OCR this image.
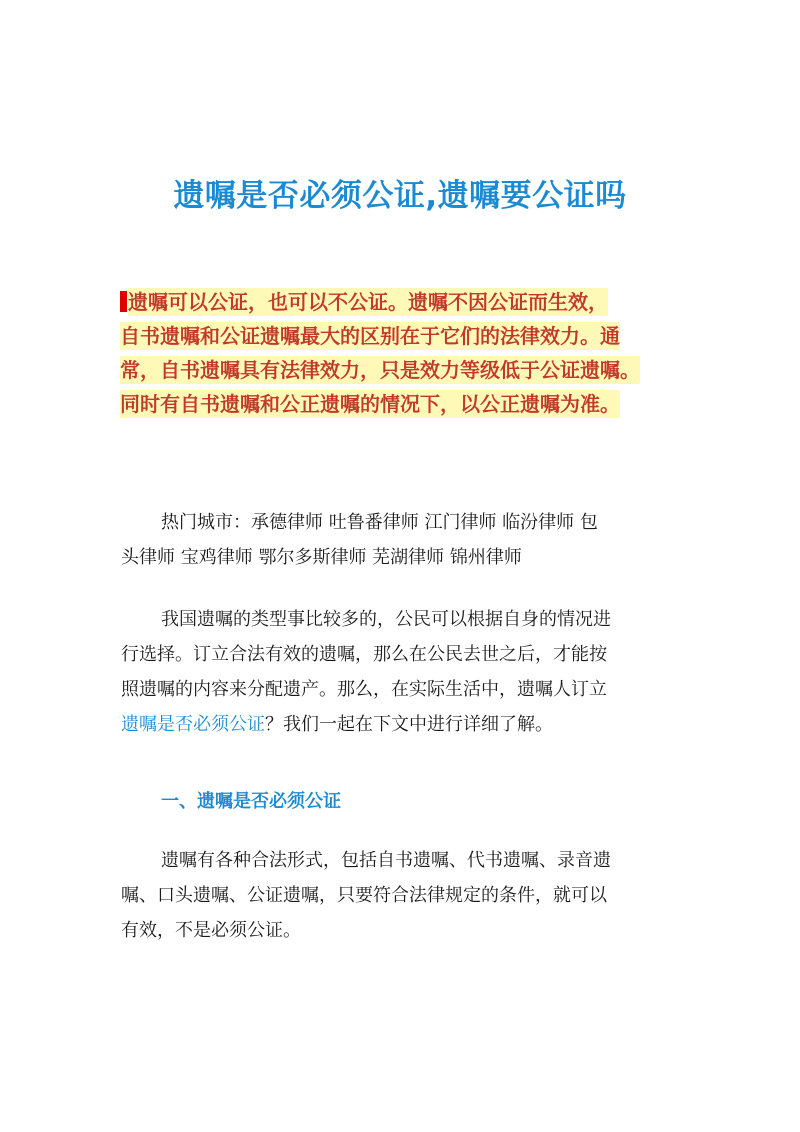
遗嘱是否必须公证,遗嘱要公证吗
遗嘱可以公证，也可以不公证。遗嘱不因公证而生效，
自书遗嘱和公证遗嘱最大的区别在于它们的法律效力。通
常，自书遗嘱具有法律效力，只是效力等级低于公证遗嘱。
同时有自书遗嘱和公正遗嘱的情况下，以公正遗嘱为准。
热门城市：承德律师 吐鲁番律师 江门律师 临汾律师 包
头律师 宝鸡律师 鄂尔多斯律师 芜湖律师 锦州律师
我国遗嘱的类型事比较多的，公民可以根据自身的情况进
行选择。订立合法有效的遗嘱，那么在公民去世之后，才能按
照遗嘱的内容来分配遗产。那么，在实际生活中，遗嘱人订立
遗嘱是否必须公证？我们一起在下文中进行详细了解。
一、遗嘱是否必须公证
遗嘱有各种合法形式，包括自书遗嘱、代书遗嘱、录音遗
嘱、口头遗嘱、公证遗嘱，只要符合法律规定的条件，就可以
有效，不是必须公证。
